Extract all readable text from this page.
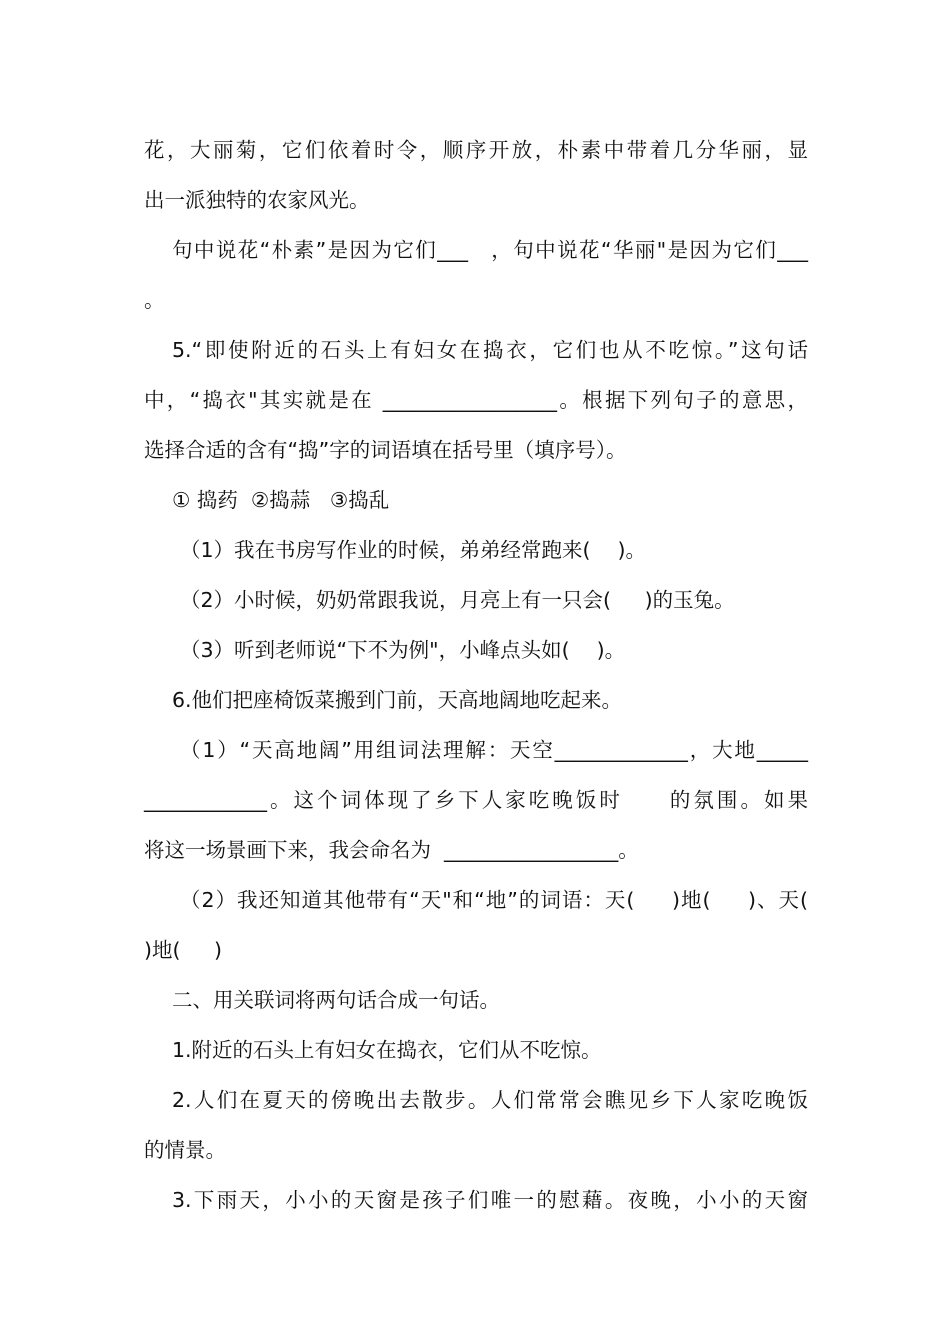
花，大丽菊，它们依着时令，顺序开放，朴素中带着几分华丽，显
出一派独特的农家风光。
句中说花“朴素”是因为它们___　，句中说花“华丽"是因为它们___
。
5.“即使附近的石头上有妇女在捣衣，它们也从不吃惊。”这句话
中，“捣衣"其实就是在 _________________。根据下列句子的意思，
选择合适的含有“捣”字的词语填在括号里（填序号）。
① 捣药  ②捣蒜   ③捣乱
（1）我在书房写作业的时候，弟弟经常跑来(　 )。
（2）小时候，奶奶常跟我说，月亮上有一只会(　  )的玉兔。
（3）听到老师说“下不为例"，小峰点头如(　 )。
6.他们把座椅饭菜搬到门前，天高地阔地吃起来。
（1）“天高地阔”用组词法理解：天空_____________，大地_____
____________。这个词体现了乡下人家吃晚饭时　　的氛围。如果
将这一场景画下来，我会命名为  _________________。
（2）我还知道其他带有“天"和“地”的词语：天(　  )地(　  )、天(
)地(　  )
二、用关联词将两句话合成一句话。
1.附近的石头上有妇女在捣衣，它们从不吃惊。
2.人们在夏天的傍晚出去散步。人们常常会瞧见乡下人家吃晚饭
的情景。
3.下雨天，小小的天窗是孩子们唯一的慰藉。夜晚，小小的天窗
